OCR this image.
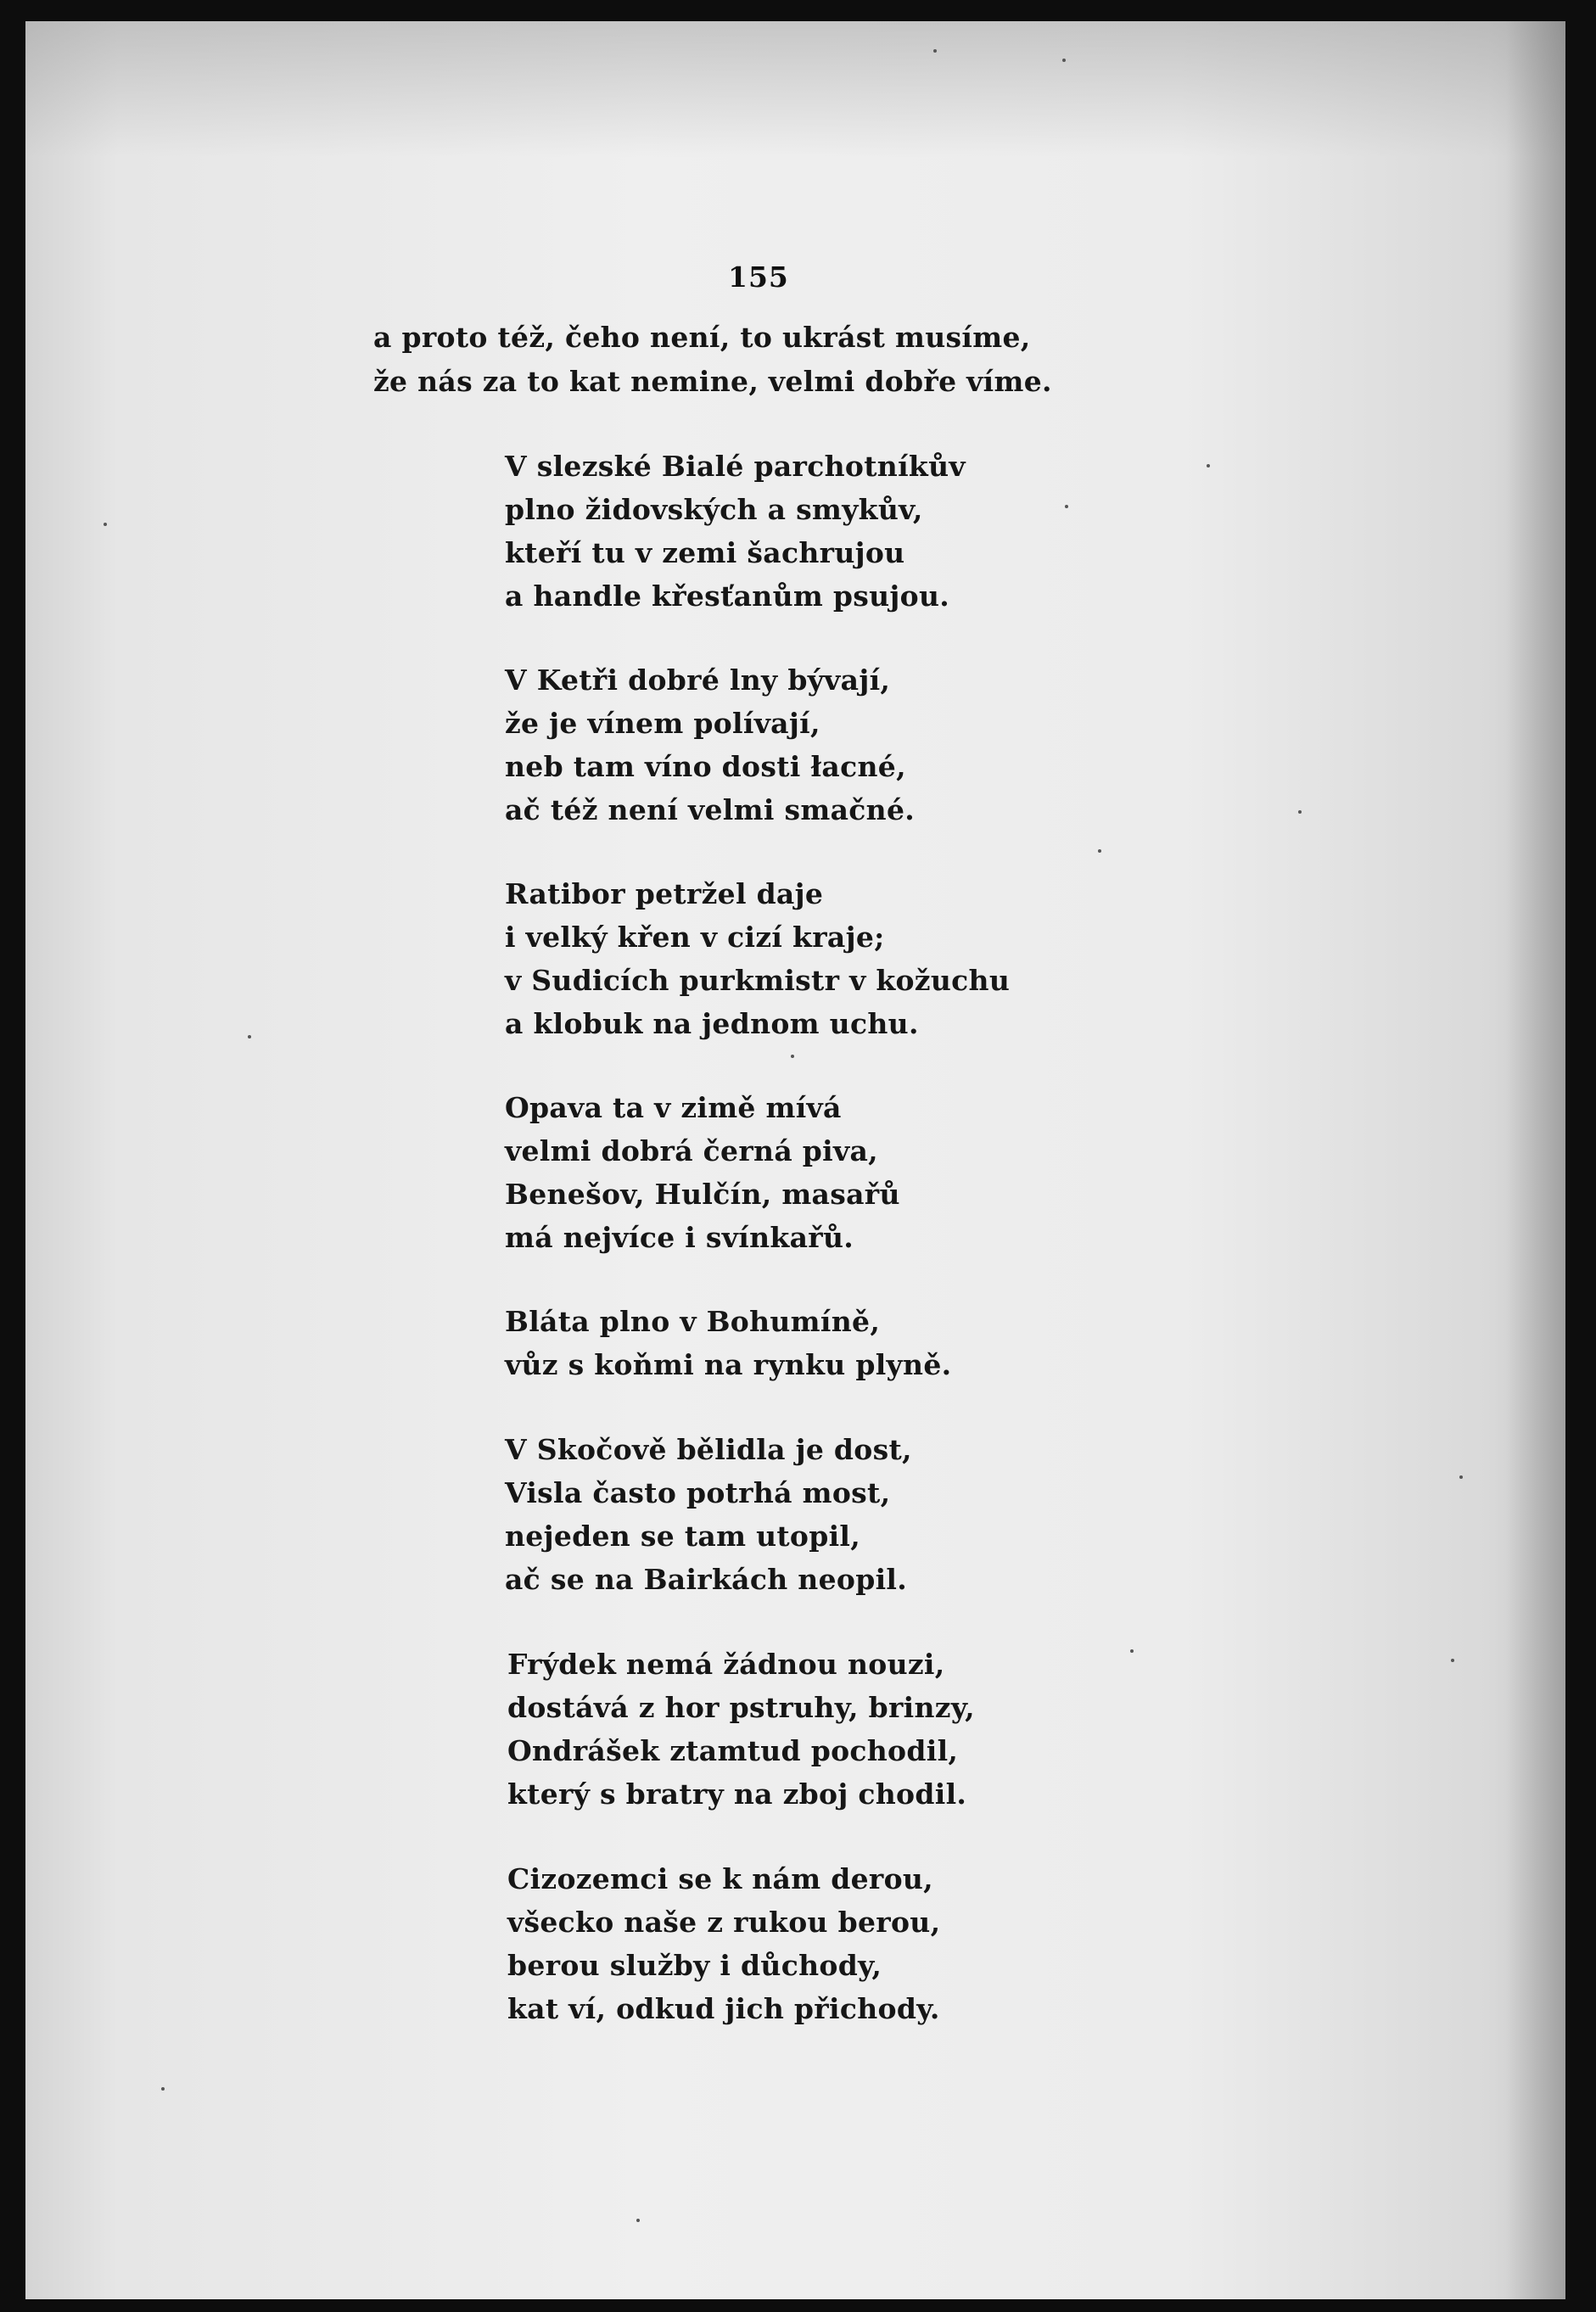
155
a proto též, čeho není, to ukrást musíme,
že nás za to kat nemine, velmi dobře víme.
V slezské Bialé parchotníkův
plno židovských a smykův,
kteří tu v zemi šachrujou
a handle křesťanům psujou.
V Ketři dobré lny bývají,
že je vínem polívají,
neb tam víno dosti łacné,
ač též není velmi smačné.
Ratibor petržel daje
i velký křen v cizí kraje;
v Sudicích purkmistr v kožuchu
a klobuk na jednom uchu.
Opava ta v zimě mívá
velmi dobrá černá piva,
Benešov, Hulčín, masařů
má nejvíce i svínkařů.
Bláta plno v Bohumíně,
vůz s koňmi na rynku plyně.
V Skočově bělidla je dost,
Visla často potrhá most,
nejeden se tam utopil,
ač se na Bairkách neopil.
Frýdek nemá žádnou nouzi,
dostává z hor pstruhy, brinzy,
Ondrášek ztamtud pochodil,
který s bratry na zboj chodil.
Cizozemci se k nám derou,
všecko naše z rukou berou,
berou služby i důchody,
kat ví, odkud jich přichody.
